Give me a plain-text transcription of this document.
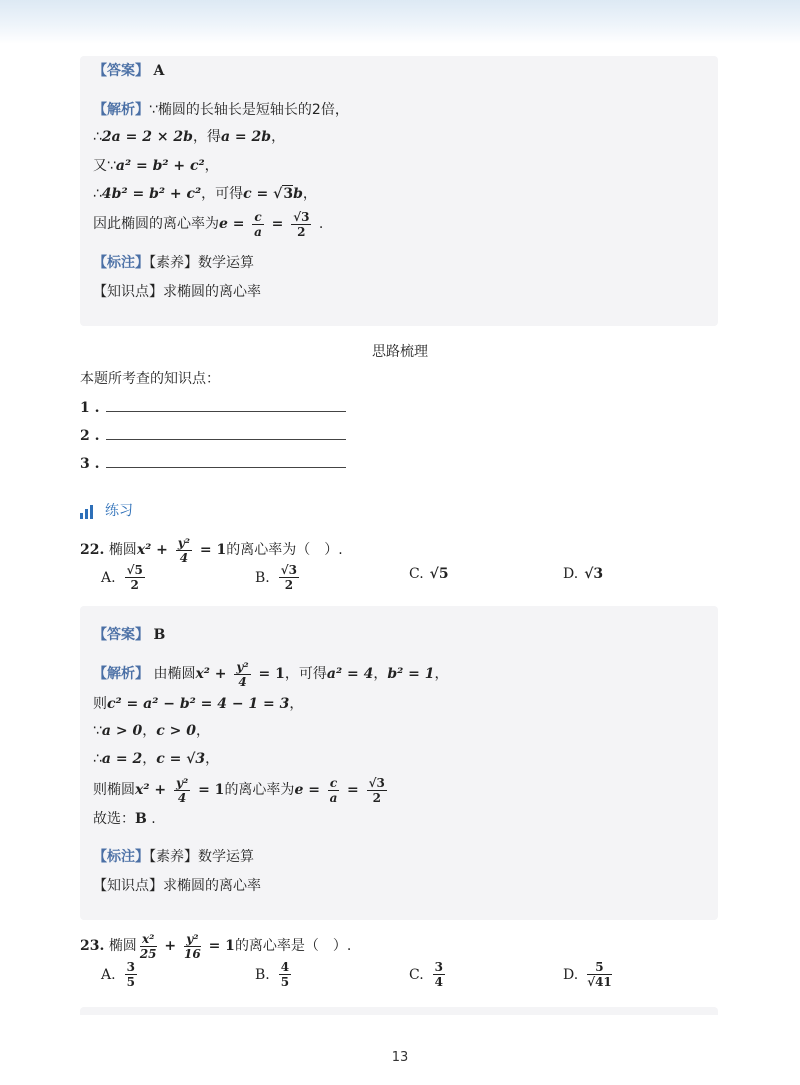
【答案】 A
【解析】∵椭圆的长轴长是短轴长的2倍，
∴2a = 2 × 2b，得a = 2b，
又∵a² = b² + c²，
∴4b² = b² + c²，可得c = √3b，
因此椭圆的离心率为$e = \frac{c}{a} = \frac{√3}{2}$ .
【标注】【素养】数学运算
【知识点】求椭圆的离心率
思路梳理
本题所考查的知识点：
1 .
2 .
3 .
练习
22. 椭圆$x^2 + \frac{\text{y²}}{4} = 1$的离心率为（　）.
A. $\frac{√5}{2}$	B. $\frac{√3}{2}$	C. √5	D. √3
【答案】 B
【解析】 由椭圆$x^2 + \frac{\text{y²}}{4} = 1$，可得a² = 4，b² = 1，
则c² = a² − b² = 4 − 1 = 3，
∵a > 0，c > 0，
∴a = 2，c = √3，
则椭圆$x^2 + \frac{\text{y²}}{4} = 1$的离心率为$e = \frac{c}{a} = \frac{√3}{2}$
故选：B .
【标注】【素养】数学运算
【知识点】求椭圆的离心率
23. 椭圆 $\frac{\text{x²}}{25} + \frac{\text{y²}}{16} = 1$的离心率是（　）.
A. $\frac{3}{5}$	B. $\frac{4}{5}$	C. $\frac{3}{4}$	D. $\frac{5}{√41}$
13
